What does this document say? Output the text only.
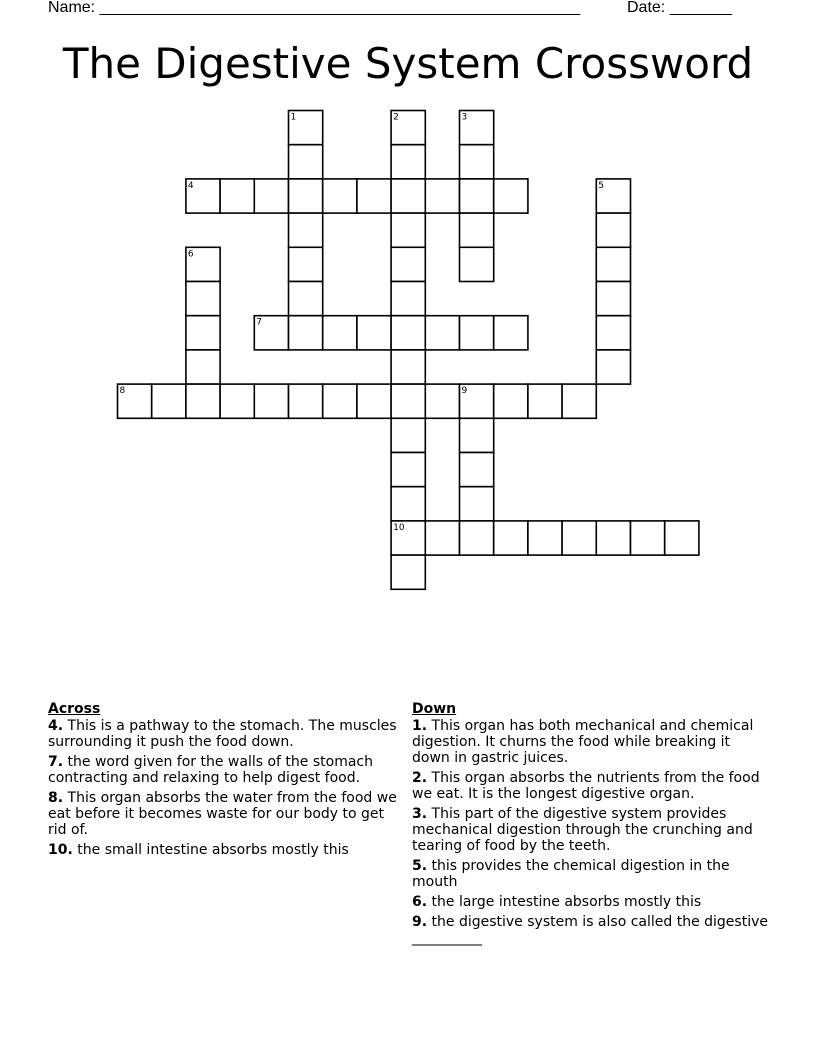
Name: ______________________________________________________	Date: _______
The Digestive System Crossword
1	2	3
4	5
6
7
8	9
10
Across
4. This is a pathway to the stomach. The muscles surrounding it push the food down.
7. the word given for the walls of the stomach contracting and relaxing to help digest food.
8. This organ absorbs the water from the food we eat before it becomes waste for our body to get rid of.
10. the small intestine absorbs mostly this
Down
1. This organ has both mechanical and chemical digestion. It churns the food while breaking it down in gastric juices.
2. This organ absorbs the nutrients from the food we eat. It is the longest digestive organ.
3. This part of the digestive system provides mechanical digestion through the crunching and tearing of food by the teeth.
5. this provides the chemical digestion in the mouth
6. the large intestine absorbs mostly this
9. the digestive system is also called the digestive __________
